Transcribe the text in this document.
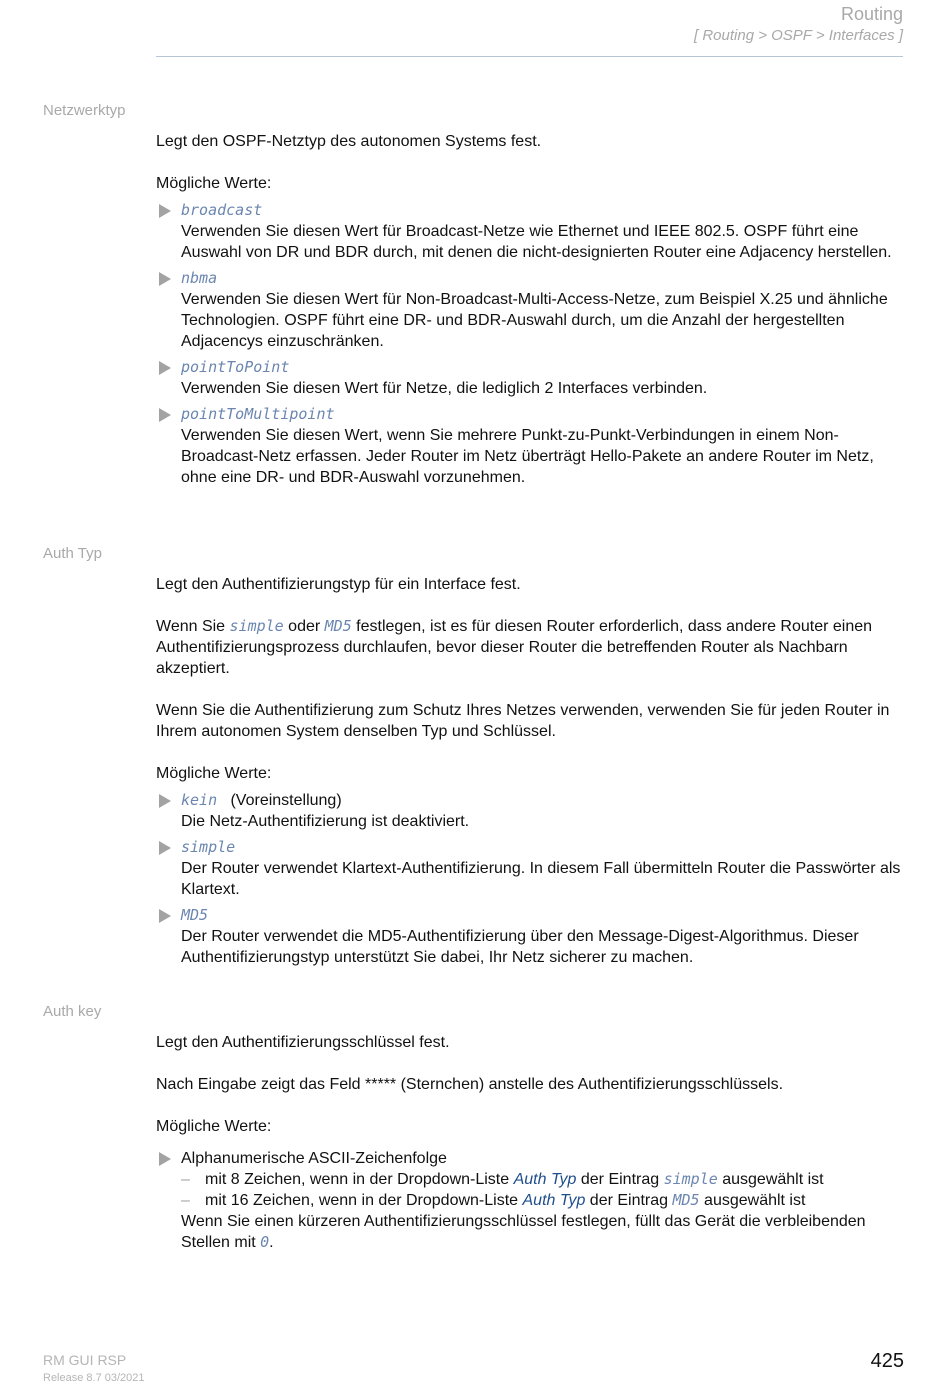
Routing
[ Routing > OSPF > Interfaces ]
Netzwerktyp

Legt den OSPF-Netztyp des autonomen Systems fest.

Mögliche Werte:

broadcast
Verwenden Sie diesen Wert für Broadcast-Netze wie Ethernet und IEEE 802.5. OSPF führt eine Auswahl von DR und BDR durch, mit denen die nicht-designierten Router eine Adjacency herstellen.
nbma
Verwenden Sie diesen Wert für Non-Broadcast-Multi-Access-Netze, zum Beispiel X.25 und ähnliche Technologien. OSPF führt eine DR- und BDR-Auswahl durch, um die Anzahl der hergestellten Adjacencys einzuschränken.
pointToPoint
Verwenden Sie diesen Wert für Netze, die lediglich 2 Interfaces verbinden.
pointToMultipoint
Verwenden Sie diesen Wert, wenn Sie mehrere Punkt-zu-Punkt-Verbindungen in einem Non-Broadcast-Netz erfassen. Jeder Router im Netz überträgt Hello-Pakete an andere Router im Netz, ohne eine DR- und BDR-Auswahl vorzunehmen.
Auth Typ

Legt den Authentifizierungstyp für ein Interface fest.

Wenn Sie simple oder MD5 festlegen, ist es für diesen Router erforderlich, dass andere Router einen Authentifizierungsprozess durchlaufen, bevor dieser Router die betreffenden Router als Nachbarn akzeptiert.

Wenn Sie die Authentifizierung zum Schutz Ihres Netzes verwenden, verwenden Sie für jeden Router in Ihrem autonomen System denselben Typ und Schlüssel.

Mögliche Werte:

kein (Voreinstellung)
Die Netz-Authentifizierung ist deaktiviert.
simple
Der Router verwendet Klartext-Authentifizierung. In diesem Fall übermitteln Router die Passwörter als Klartext.
MD5
Der Router verwendet die MD5-Authentifizierung über den Message-Digest-Algorithmus. Dieser Authentifizierungstyp unterstützt Sie dabei, Ihr Netz sicherer zu machen.
Auth key

Legt den Authentifizierungsschlüssel fest.

Nach Eingabe zeigt das Feld ***** (Sternchen) anstelle des Authentifizierungsschlüssels.

Mögliche Werte:

Alphanumerische ASCII-Zeichenfolge
– mit 8 Zeichen, wenn in der Dropdown-Liste Auth Typ der Eintrag simple ausgewählt ist
– mit 16 Zeichen, wenn in der Dropdown-Liste Auth Typ der Eintrag MD5 ausgewählt ist
Wenn Sie einen kürzeren Authentifizierungsschlüssel festlegen, füllt das Gerät die verbleibenden Stellen mit 0.
RM GUI RSP
Release 8.7 03/2021
425
